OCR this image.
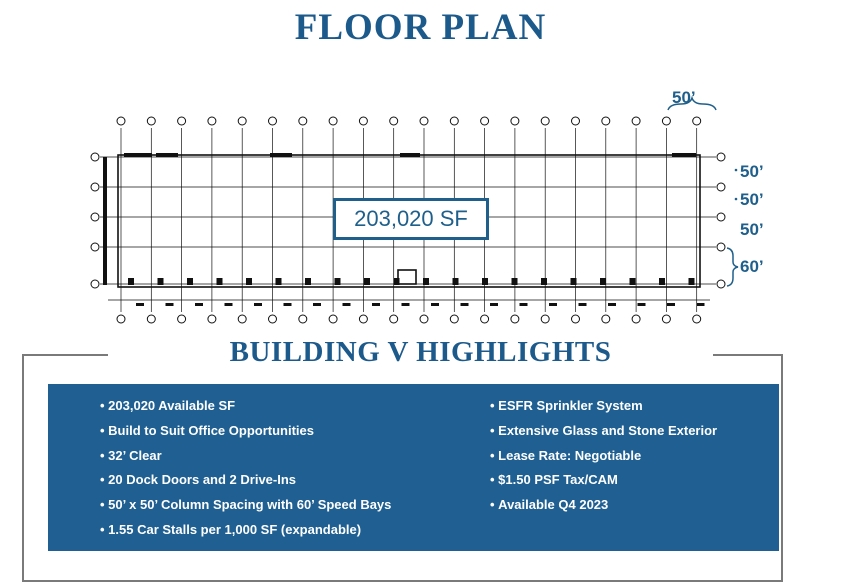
FLOOR PLAN
203,020 SF
50’
50’
50’
50’
60’
BUILDING V HIGHLIGHTS
• 203,020 Available SF
• Build to Suit Office Opportunities
• 32’ Clear
• 20 Dock Doors and 2 Drive-Ins
• 50’ x 50’ Column Spacing with 60’ Speed Bays
• 1.55 Car Stalls per 1,000 SF (expandable)
• ESFR Sprinkler System
• Extensive Glass and Stone Exterior
• Lease Rate: Negotiable
• $1.50 PSF Tax/CAM
• Available Q4 2023
